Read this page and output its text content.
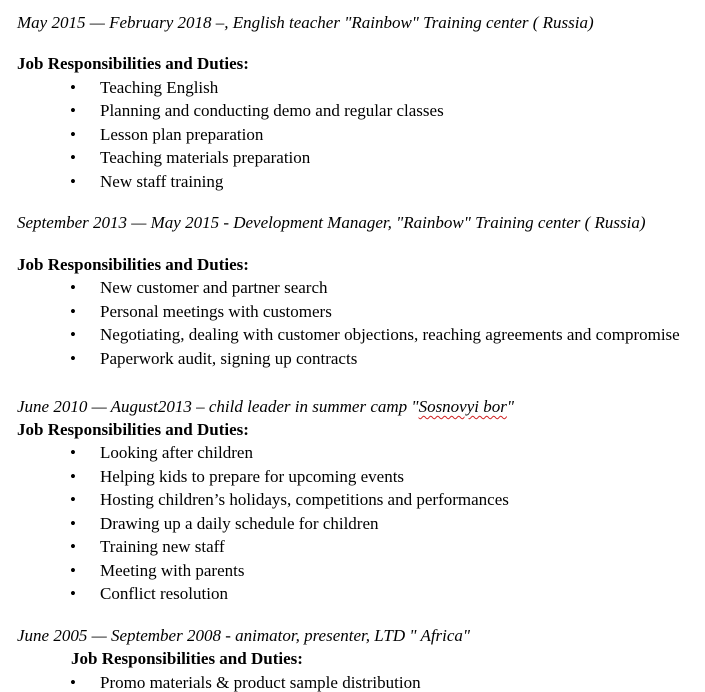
May 2015 — February 2018 –, English teacher "Rainbow" Training center ( Russia)
Job Responsibilities and Duties:
• Teaching English
• Planning and conducting demo and regular classes
• Lesson plan preparation
• Teaching materials preparation
• New staff training
September 2013 — May 2015 - Development Manager, "Rainbow" Training center ( Russia)
Job Responsibilities and Duties:
• New customer and partner search
• Personal meetings with customers
• Negotiating, dealing with customer objections, reaching agreements and compromise
• Paperwork audit, signing up contracts
June 2010 — August2013 – child leader in summer camp "Sosnovyi bor"
Job Responsibilities and Duties:
• Looking after children
• Helping kids to prepare for upcoming events
• Hosting children’s holidays, competitions and performances
• Drawing up a daily schedule for children
• Training new staff
• Meeting with parents
• Conflict resolution
June 2005 — September 2008 - animator, presenter, LTD " Africa"
Job Responsibilities and Duties:
• Promo materials & product sample distribution
